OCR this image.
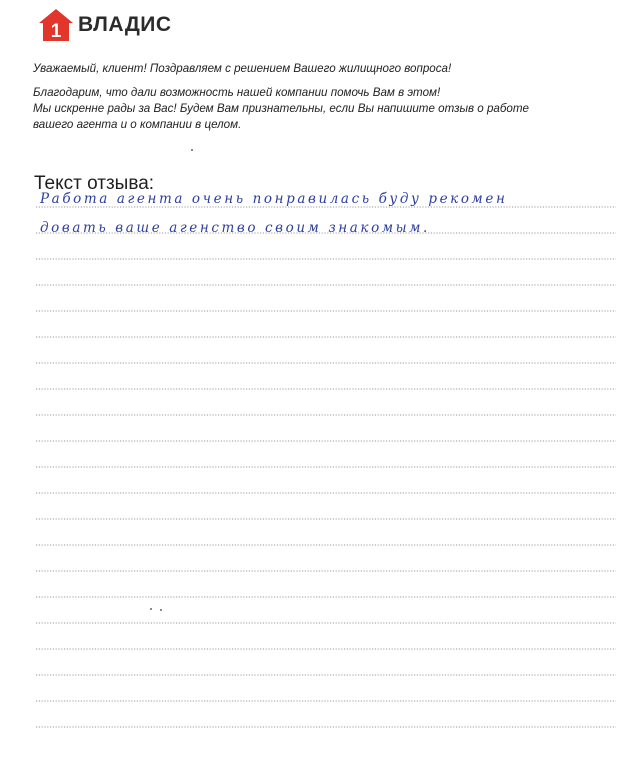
1 ВЛАДИС

Уважаемый, клиент! Поздравляем с решением Вашего жилищного вопроса!

Благодарим, что дали возможность нашей компании помочь Вам в этом!
Мы искренне рады за Вас! Будем Вам признательны, если Вы напишите отзыв о работе
вашего агента и о компании в целом.
Текст отзыва:
Работа агента очень понравилась буду рекомен
довать ваше агенство своим знакомым.
